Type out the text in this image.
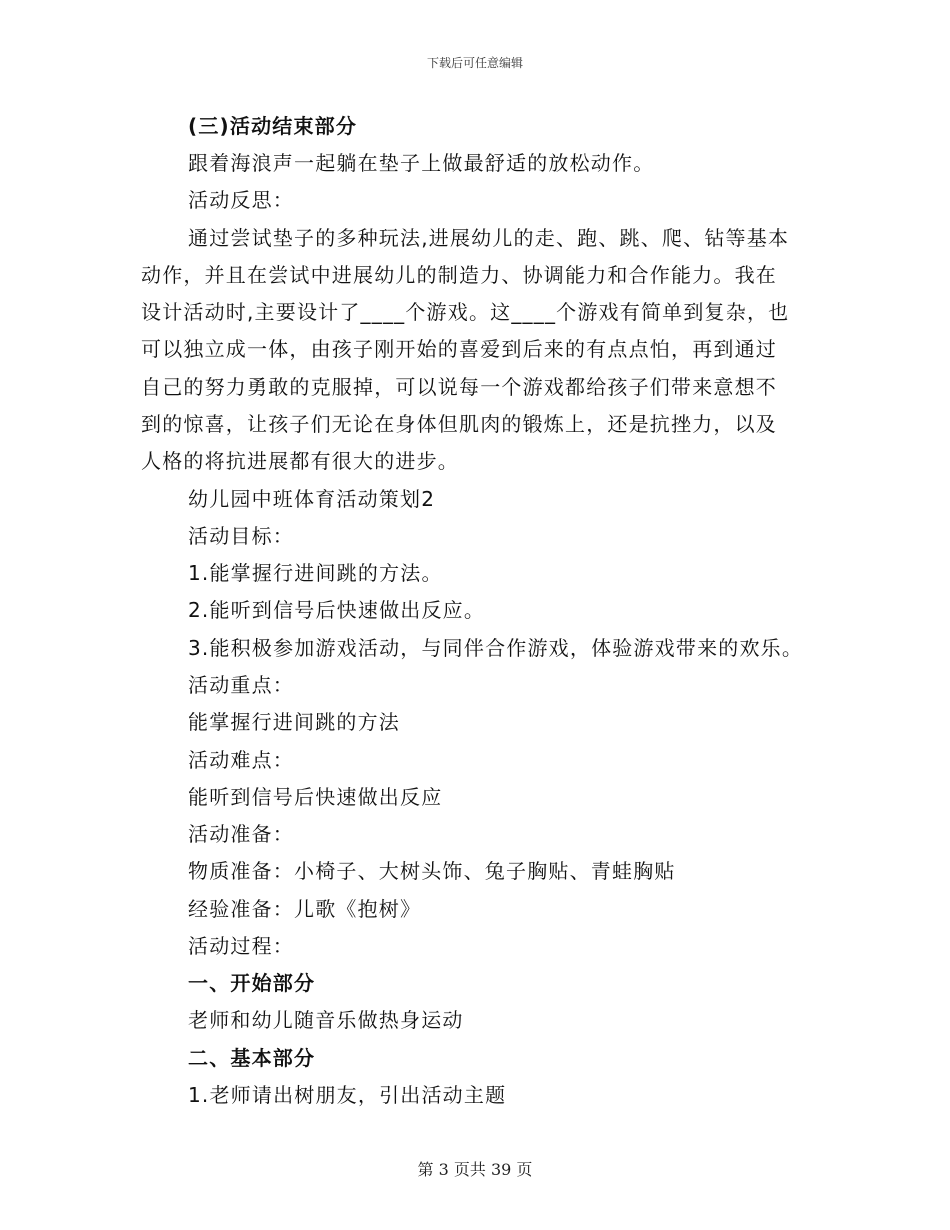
下载后可任意编辑
(三)活动结束部分
跟着海浪声一起躺在垫子上做最舒适的放松动作。
活动反思：
通过尝试垫子的多种玩法,进展幼儿的走、跑、跳、爬、钻等基本
动作，并且在尝试中进展幼儿的制造力、协调能力和合作能力。我在
设计活动时,主要设计了____个游戏。这____个游戏有简单到复杂，也
可以独立成一体，由孩子刚开始的喜爱到后来的有点点怕，再到通过
自己的努力勇敢的克服掉，可以说每一个游戏都给孩子们带来意想不
到的惊喜，让孩子们无论在身体但肌肉的锻炼上，还是抗挫力，以及
人格的将抗进展都有很大的进步。
幼儿园中班体育活动策划2
活动目标：
1.能掌握行进间跳的方法。
2.能听到信号后快速做出反应。
3.能积极参加游戏活动，与同伴合作游戏，体验游戏带来的欢乐。
活动重点：
能掌握行进间跳的方法
活动难点：
能听到信号后快速做出反应
活动准备：
物质准备：小椅子、大树头饰、兔子胸贴、青蛙胸贴
经验准备：儿歌《抱树》
活动过程：
一、开始部分
老师和幼儿随音乐做热身运动
二、基本部分
1.老师请出树朋友，引出活动主题
第 3 页共 39 页
